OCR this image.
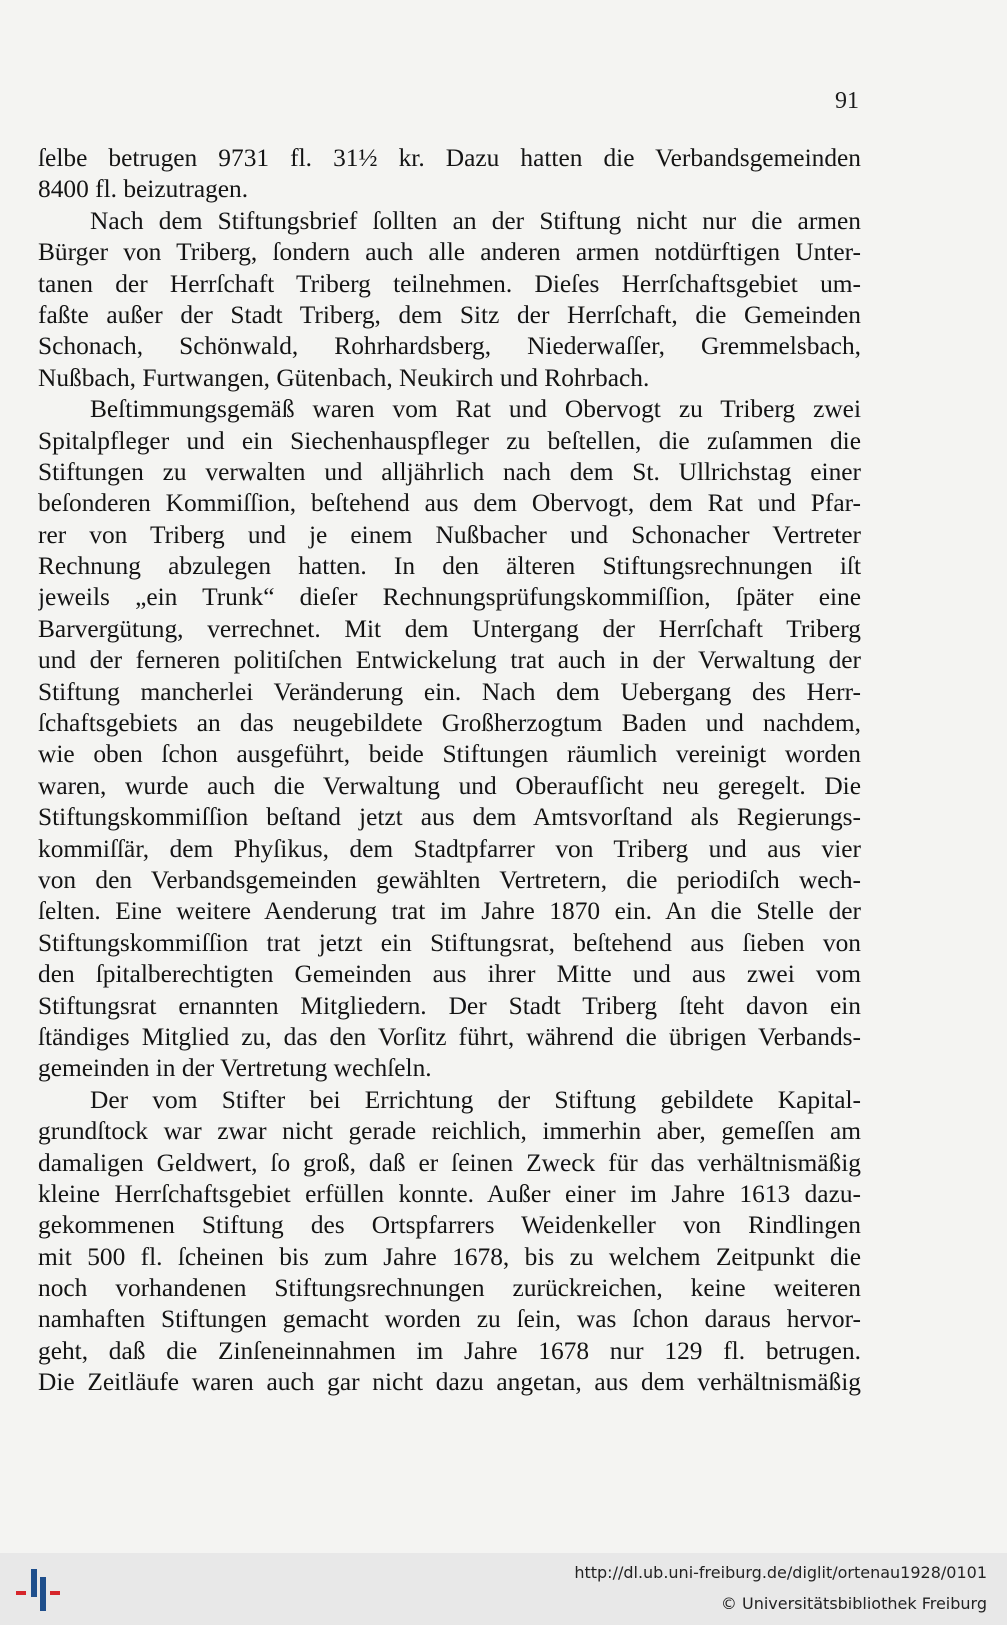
91
ſelbe betrugen 9731 fl. 31½ kr. Dazu hatten die Verbandsgemeinden
8400 fl. beizutragen.
Nach dem Stiftungsbrief ſollten an der Stiftung nicht nur die armen
Bürger von Triberg, ſondern auch alle anderen armen notdürftigen Unter-
tanen der Herrſchaft Triberg teilnehmen. Dieſes Herrſchaftsgebiet um-
faßte außer der Stadt Triberg, dem Sitz der Herrſchaft, die Gemeinden
Schonach, Schönwald, Rohrhardsberg, Niederwaſſer, Gremmelsbach,
Nußbach, Furtwangen, Gütenbach, Neukirch und Rohrbach.
Beſtimmungsgemäß waren vom Rat und Obervogt zu Triberg zwei
Spitalpfleger und ein Siechenhauspfleger zu beſtellen, die zuſammen die
Stiftungen zu verwalten und alljährlich nach dem St. Ullrichstag einer
beſonderen Kommiſſion, beſtehend aus dem Obervogt, dem Rat und Pfar-
rer von Triberg und je einem Nußbacher und Schonacher Vertreter
Rechnung abzulegen hatten. In den älteren Stiftungsrechnungen iſt
jeweils „ein Trunk“ dieſer Rechnungsprüfungskommiſſion, ſpäter eine
Barvergütung, verrechnet. Mit dem Untergang der Herrſchaft Triberg
und der ferneren politiſchen Entwickelung trat auch in der Verwaltung der
Stiftung mancherlei Veränderung ein. Nach dem Uebergang des Herr-
ſchaftsgebiets an das neugebildete Großherzogtum Baden und nachdem,
wie oben ſchon ausgeführt, beide Stiftungen räumlich vereinigt worden
waren, wurde auch die Verwaltung und Oberaufſicht neu geregelt. Die
Stiftungskommiſſion beſtand jetzt aus dem Amtsvorſtand als Regierungs-
kommiſſär, dem Phyſikus, dem Stadtpfarrer von Triberg und aus vier
von den Verbandsgemeinden gewählten Vertretern, die periodiſch wech-
ſelten. Eine weitere Aenderung trat im Jahre 1870 ein. An die Stelle der
Stiftungskommiſſion trat jetzt ein Stiftungsrat, beſtehend aus ſieben von
den ſpitalberechtigten Gemeinden aus ihrer Mitte und aus zwei vom
Stiftungsrat ernannten Mitgliedern. Der Stadt Triberg ſteht davon ein
ſtändiges Mitglied zu, das den Vorſitz führt, während die übrigen Verbands-
gemeinden in der Vertretung wechſeln.
Der vom Stifter bei Errichtung der Stiftung gebildete Kapital-
grundſtock war zwar nicht gerade reichlich, immerhin aber, gemeſſen am
damaligen Geldwert, ſo groß, daß er ſeinen Zweck für das verhältnismäßig
kleine Herrſchaftsgebiet erfüllen konnte. Außer einer im Jahre 1613 dazu-
gekommenen Stiftung des Ortspfarrers Weidenkeller von Rindlingen
mit 500 fl. ſcheinen bis zum Jahre 1678, bis zu welchem Zeitpunkt die
noch vorhandenen Stiftungsrechnungen zurückreichen, keine weiteren
namhaften Stiftungen gemacht worden zu ſein, was ſchon daraus hervor-
geht, daß die Zinſeneinnahmen im Jahre 1678 nur 129 fl. betrugen.
Die Zeitläufe waren auch gar nicht dazu angetan, aus dem verhältnismäßig
http://dl.ub.uni-freiburg.de/diglit/ortenau1928/0101
© Universitätsbibliothek Freiburg
